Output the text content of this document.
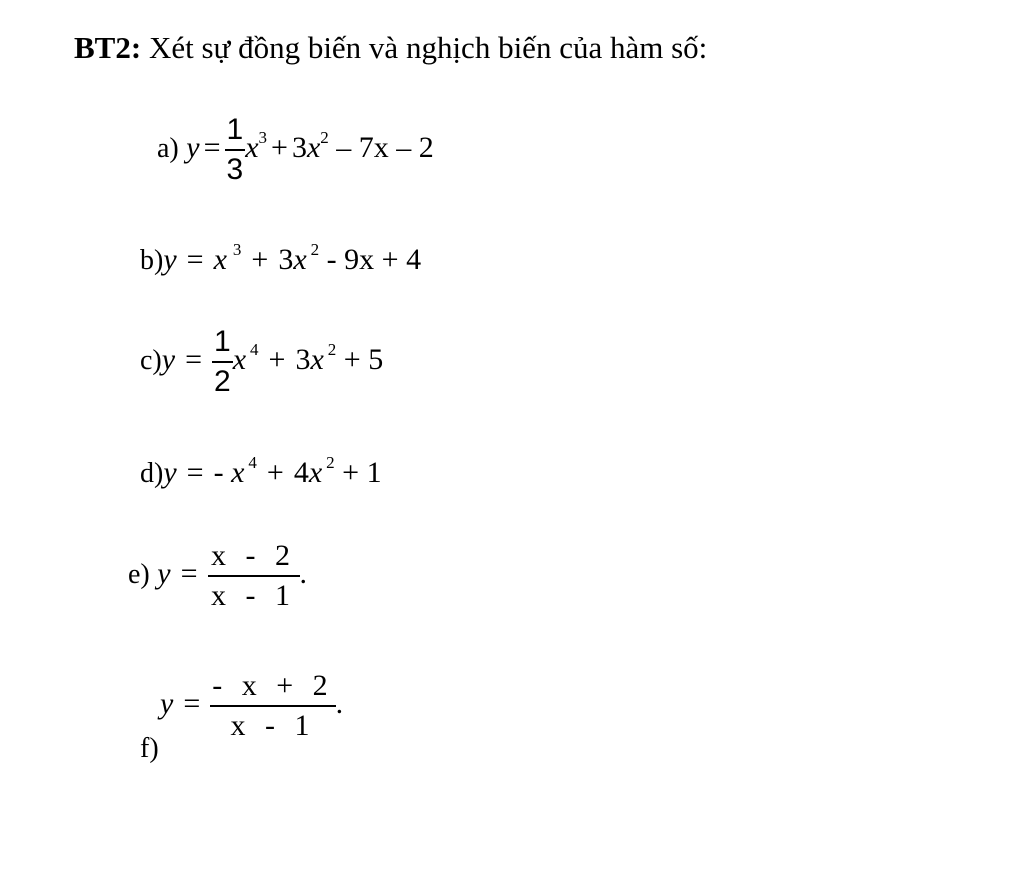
BT2: Xét sự đồng biến và nghịch biến của hàm số:
a) $y = \frac{1}{3} x^3 + 3x^2 - 7x - 2$
b)y = x $^3$ + 3x $^2$ - 9x + 4
$c)y = \frac{1}{2}$ x $^4$ + 3x $^2$ + 5
d)y = - x $^4$ + 4x $^2$ + 1
e) $y = \frac{x - 2}{x - 1}$ .
$y = \frac{- x + 2}{x - 1}$ .
f)
